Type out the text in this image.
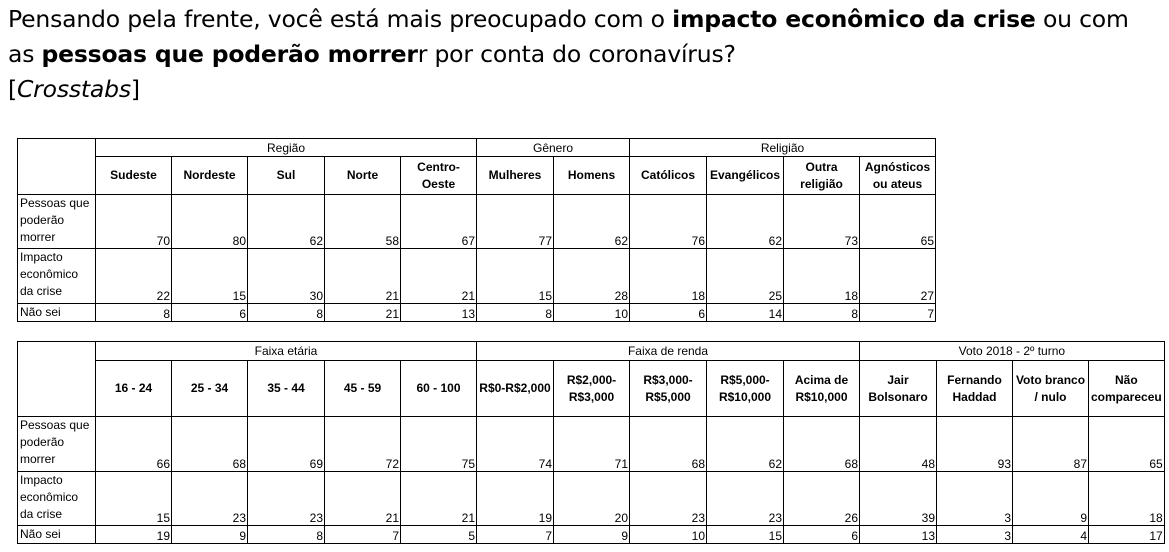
Pensando pela frente, você está mais preocupado com o impacto econômico da crise ou com as pessoas que poderão morrerr por conta do coronavírus?
[Crosstabs]
	Região					Gênero		Religião			
	Sudeste	Nordeste	Sul	Norte	Centro-Oeste	Mulheres	Homens	Católicos	Evangélicos	Outra religião	Agnósticos ou ateus
Pessoas que poderão morrer	70	80	62	58	67	77	62	76	62	73	65
Impacto econômico da crise	22	15	30	21	21	15	28	18	25	18	27
Não sei	8	6	8	21	13	8	10	6	14	8	7
	Faixa etária					Faixa de renda					Voto 2018 - 2º turno			
	16 - 24	25 - 34	35 - 44	45 - 59	60 - 100	R$0-R$2,000	R$2,000-R$3,000	R$3,000-R$5,000	R$5,000-R$10,000	Acima de R$10,000	Jair Bolsonaro	Fernando Haddad	Voto branco / nulo	Não compareceu
Pessoas que poderão morrer	66	68	69	72	75	74	71	68	62	68	48	93	87	65
Impacto econômico da crise	15	23	23	21	21	19	20	23	23	26	39	3	9	18
Não sei	19	9	8	7	5	7	9	10	15	6	13	3	4	17
